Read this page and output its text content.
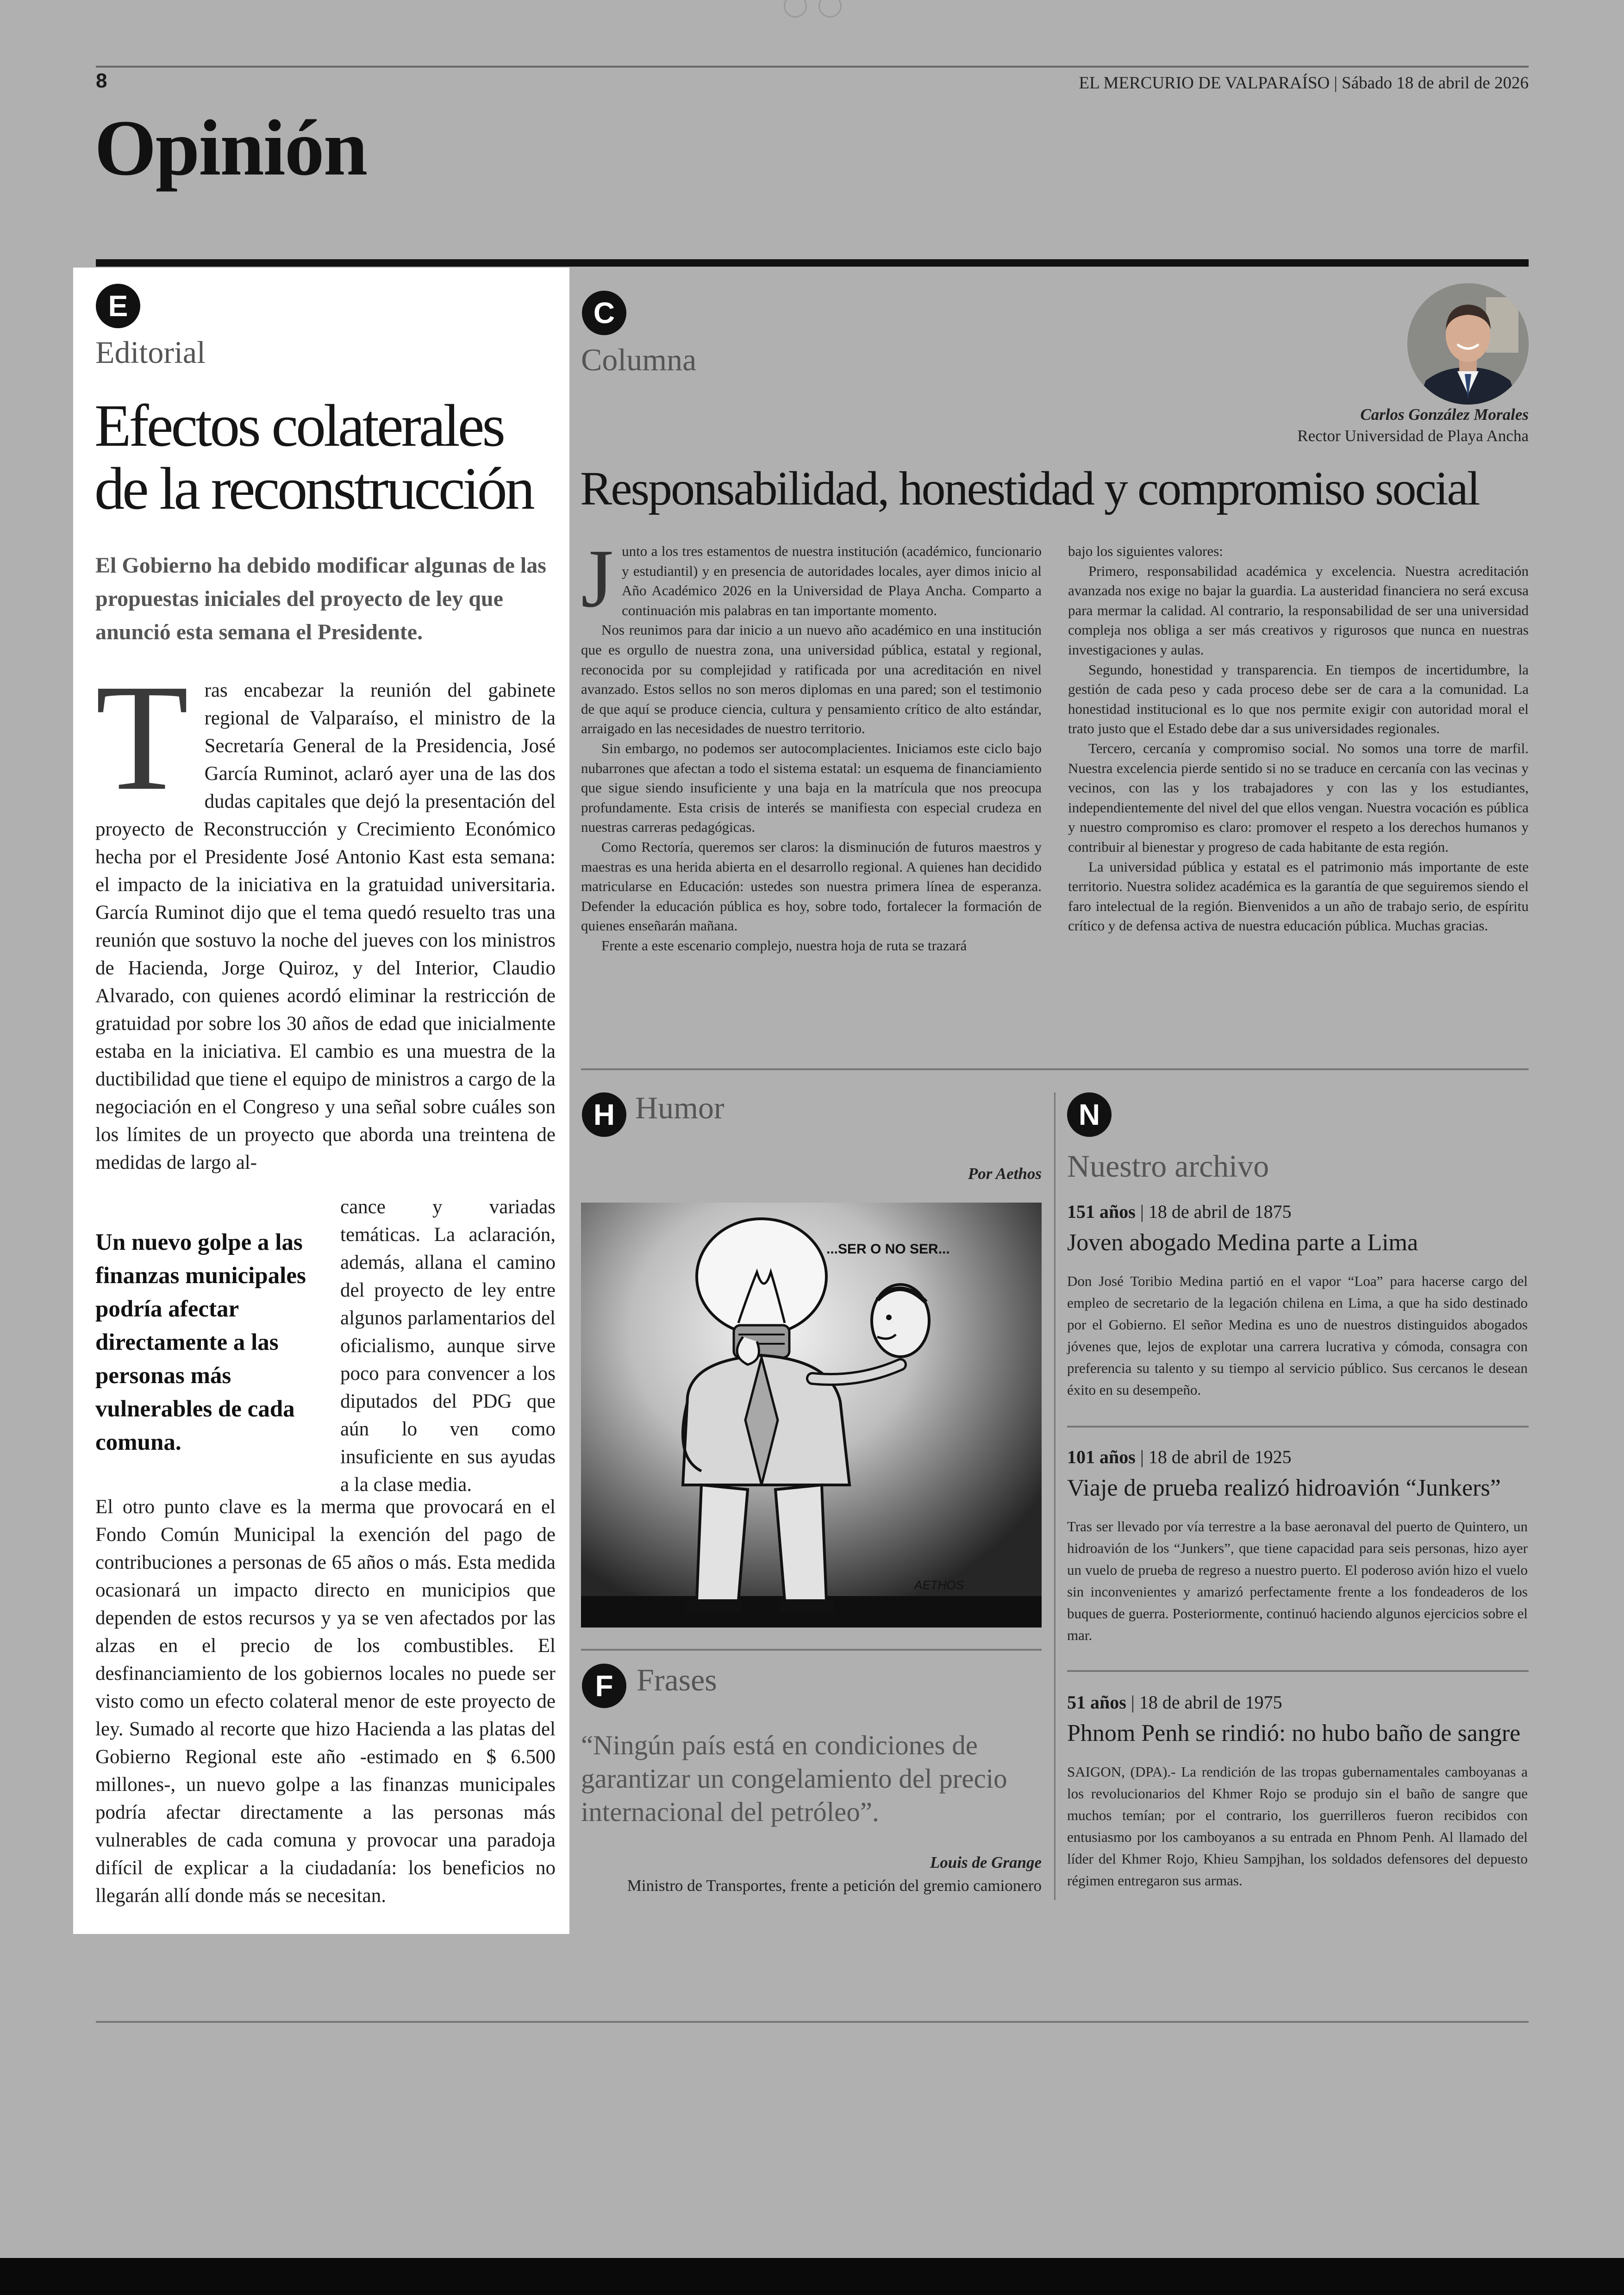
8	EL MERCURIO DE VALPARAÍSO | Sábado 18 de abril de 2026
Opinión
E
Editorial
Efectos colaterales
de la reconstrucción
El Gobierno ha debido modificar algunas de las propuestas iniciales del proyecto de ley que anunció esta semana el Presidente.
T ras encabezar la reunión del gabinete regional de Valparaíso, el ministro de la Secretaría General de la Presidencia, José García Ruminot, aclaró ayer una de las dos dudas capitales que dejó la presentación del proyecto de Reconstrucción y Crecimiento Económico hecha por el Presidente José Antonio Kast esta semana: el impacto de la iniciativa en la gratuidad universitaria. García Ruminot dijo que el tema quedó resuelto tras una reunión que sostuvo la noche del jueves con los ministros de Hacienda, Jorge Quiroz, y del Interior, Claudio Alvarado, con quienes acordó eliminar la restricción de gratuidad por sobre los 30 años de edad que inicialmente estaba en la iniciativa. El cambio es una muestra de la ductibilidad que tiene el equipo de ministros a cargo de la negociación en el Congreso y una señal sobre cuáles son los límites de un proyecto que aborda una treintena de medidas de largo al-
Un nuevo golpe a las finanzas municipales podría afectar directamente a las personas más vulnerables de cada comuna.
cance y variadas temáticas. La aclaración, además, allana el camino del proyecto de ley entre algunos parlamentarios del oficialismo, aunque sirve poco para convencer a los diputados del PDG que aún lo ven como insuficiente en sus ayudas a la clase media.
El otro punto clave es la merma que provocará en el Fondo Común Municipal la exención del pago de contribuciones a personas de 65 años o más. Esta medida ocasionará un impacto directo en municipios que dependen de estos recursos y ya se ven afectados por las alzas en el precio de los combustibles. El desfinanciamiento de los gobiernos locales no puede ser visto como un efecto colateral menor de este proyecto de ley. Sumado al recorte que hizo Hacienda a las platas del Gobierno Regional este año -estimado en $ 6.500 millones-, un nuevo golpe a las finanzas municipales podría afectar directamente a las personas más vulnerables de cada comuna y provocar una paradoja difícil de explicar a la ciudadanía: los beneficios no llegarán allí donde más se necesitan.
C
Columna
Carlos González Morales
Rector Universidad de Playa Ancha
Responsabilidad, honestidad y compromiso social
J unto a los tres estamentos de nuestra institución (académico, funcionario y estudiantil) y en presencia de autoridades locales, ayer dimos inicio al Año Académico 2026 en la Universidad de Playa Ancha. Comparto a continuación mis palabras en tan importante momento.

Nos reunimos para dar inicio a un nuevo año académico en una institución que es orgullo de nuestra zona, una universidad pública, estatal y regional, reconocida por su complejidad y ratificada por una acreditación en nivel avanzado. Estos sellos no son meros diplomas en una pared; son el testimonio de que aquí se produce ciencia, cultura y pensamiento crítico de alto estándar, arraigado en las necesidades de nuestro territorio.

Sin embargo, no podemos ser autocomplacientes. Iniciamos este ciclo bajo nubarrones que afectan a todo el sistema estatal: un esquema de financiamiento que sigue siendo insuficiente y una baja en la matrícula que nos preocupa profundamente. Esta crisis de interés se manifiesta con especial crudeza en nuestras carreras pedagógicas.

Como Rectoría, queremos ser claros: la disminución de futuros maestros y maestras es una herida abierta en el desarrollo regional. A quienes han decidido matricularse en Educación: ustedes son nuestra primera línea de esperanza. Defender la educación pública es hoy, sobre todo, fortalecer la formación de quienes enseñarán mañana.

Frente a este escenario complejo, nuestra hoja de ruta se trazará

bajo los siguientes valores:

Primero, responsabilidad académica y excelencia. Nuestra acreditación avanzada nos exige no bajar la guardia. La austeridad financiera no será excusa para mermar la calidad. Al contrario, la responsabilidad de ser una universidad compleja nos obliga a ser más creativos y rigurosos que nunca en nuestras investigaciones y aulas.

Segundo, honestidad y transparencia. En tiempos de incertidumbre, la gestión de cada peso y cada proceso debe ser de cara a la comunidad. La honestidad institucional es lo que nos permite exigir con autoridad moral el trato justo que el Estado debe dar a sus universidades regionales.

Tercero, cercanía y compromiso social. No somos una torre de marfil. Nuestra excelencia pierde sentido si no se traduce en cercanía con las vecinas y vecinos, con las y los trabajadores y con las y los estudiantes, independientemente del nivel del que ellos vengan. Nuestra vocación es pública y nuestro compromiso es claro: promover el respeto a los derechos humanos y contribuir al bienestar y progreso de cada habitante de esta región.

La universidad pública y estatal es el patrimonio más importante de este territorio. Nuestra solidez académica es la garantía de que seguiremos siendo el faro intelectual de la región. Bienvenidos a un año de trabajo serio, de espíritu crítico y de defensa activa de nuestra educación pública. Muchas gracias.

H Humor
Por Aethos
...SER O NO SER...
AETHOS
F Frases
“Ningún país está en condiciones de garantizar un congelamiento del precio internacional del petróleo”.
Louis de Grange
Ministro de Transportes, frente a petición del gremio camionero
N
Nuestro archivo
151 años | 18 de abril de 1875
Joven abogado Medina parte a Lima
Don José Toribio Medina partió en el vapor “Loa” para hacerse cargo del empleo de secretario de la legación chilena en Lima, a que ha sido destinado por el Gobierno. El señor Medina es uno de nuestros distinguidos abogados jóvenes que, lejos de explotar una carrera lucrativa y cómoda, consagra con preferencia su talento y su tiempo al servicio público. Sus cercanos le desean éxito en su desempeño.
101 años | 18 de abril de 1925
Viaje de prueba realizó hidroavión “Junkers”
Tras ser llevado por vía terrestre a la base aeronaval del puerto de Quintero, un hidroavión de los “Junkers”, que tiene capacidad para seis personas, hizo ayer un vuelo de prueba de regreso a nuestro puerto. El poderoso avión hizo el vuelo sin inconvenientes y amarizó perfectamente frente a los fondeaderos de los buques de guerra. Posteriormente, continuó haciendo algunos ejercicios sobre el mar.
51 años | 18 de abril de 1975
Phnom Penh se rindió: no hubo baño de sangre
SAIGON, (DPA).- La rendición de las tropas gubernamentales camboyanas a los revolucionarios del Khmer Rojo se produjo sin el baño de sangre que muchos temían; por el contrario, los guerrilleros fueron recibidos con entusiasmo por los camboyanos a su entrada en Phnom Penh. Al llamado del líder del Khmer Rojo, Khieu Sampjhan, los soldados defensores del depuesto régimen entregaron sus armas.
